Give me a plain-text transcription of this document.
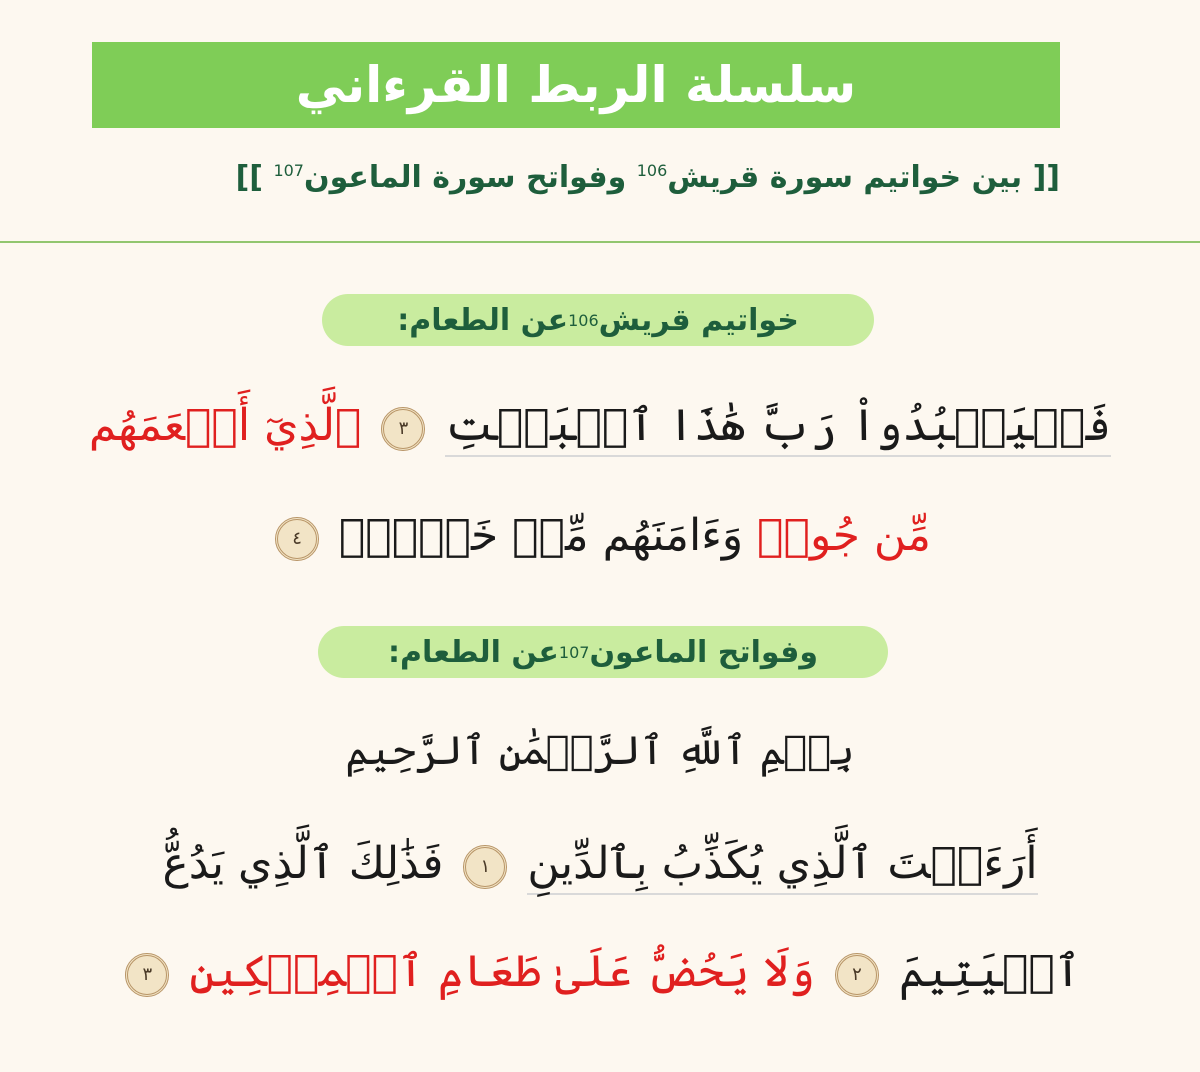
سلسلة الربط القرءاني
[[ بين خواتيم سورة قريش$^{106}$ وفواتح سورة الماعون$^{107}$ ]]
خواتيم قريش
106
عن الطعام:
فَلۡيَعۡبُدُواْ رَبَّ هَٰذَا ٱلۡبَيۡتِ ٣ ٱلَّذِيٓ أَطۡعَمَهُم
مِّن جُوعٖ وَءَامَنَهُم مِّنۡ خَوۡفِۭ ٤
وفواتح الماعون
107
عن الطعام:
بِسۡمِ ٱللَّهِ ٱلرَّحۡمَٰنِ ٱلرَّحِيمِ
أَرَءَيۡتَ ٱلَّذِي يُكَذِّبُ بِٱلدِّينِ ١ فَذَٰلِكَ ٱلَّذِي يَدُعُّ
ٱلۡيَتِيمَ ٢ وَلَا يَحُضُّ عَلَىٰ طَعَامِ ٱلۡمِسۡكِينِ ٣
